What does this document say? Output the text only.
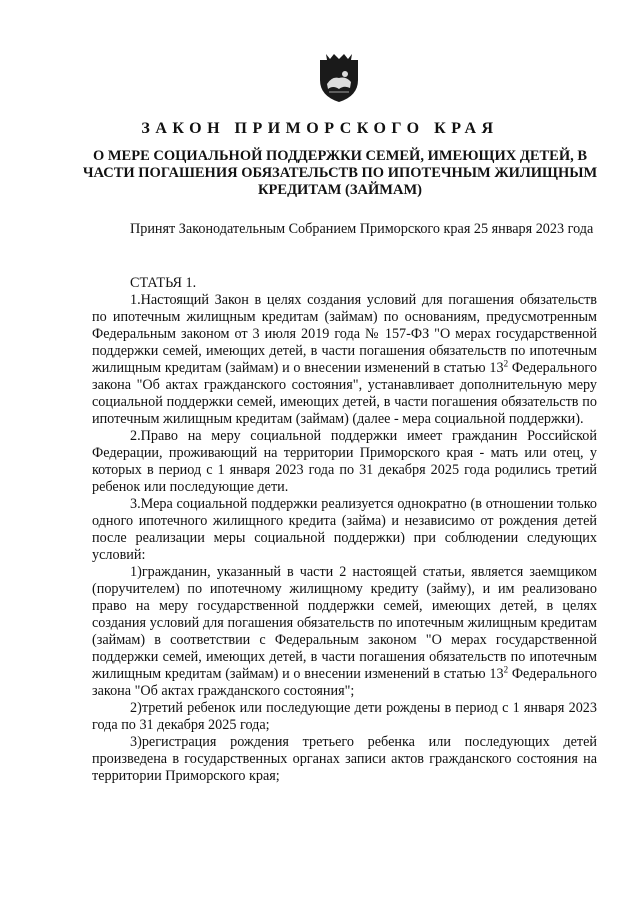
ЗАКОН ПРИМОРСКОГО КРАЯ
О МЕРЕ СОЦИАЛЬНОЙ ПОДДЕРЖКИ СЕМЕЙ, ИМЕЮЩИХ ДЕТЕЙ, В ЧАСТИ ПОГАШЕНИЯ ОБЯЗАТЕЛЬСТВ ПО ИПОТЕЧНЫМ ЖИЛИЩНЫМ КРЕДИТАМ (ЗАЙМАМ)

Принят Законодательным Собранием Приморского края 25 января 2023 года

СТАТЬЯ 1.

1.Настоящий Закон в целях создания условий для погашения обязательств по ипотечным жилищным кредитам (займам) по основаниям, предусмотренным Федеральным законом от 3 июля 2019 года № 157-ФЗ "О мерах государственной поддержки семей, имеющих детей, в части погашения обязательств по ипотечным жилищным кредитам (займам) и о внесении изменений в статью $13^2$ Федерального закона "Об актах гражданского состояния", устанавливает дополнительную меру социальной поддержки семей, имеющих детей, в части погашения обязательств по ипотечным жилищным кредитам (займам) (далее - мера социальной поддержки).

2.Право на меру социальной поддержки имеет гражданин Российской Федерации, проживающий на территории Приморского края - мать или отец, у которых в период с 1 января 2023 года по 31 декабря 2025 года родились третий ребенок или последующие дети.

3.Мера социальной поддержки реализуется однократно (в отношении только одного ипотечного жилищного кредита (займа) и независимо от рождения детей после реализации меры социальной поддержки) при соблюдении следующих условий:

1)гражданин, указанный в части 2 настоящей статьи, является заемщиком (поручителем) по ипотечному жилищному кредиту (займу), и им реализовано право на меру государственной поддержки семей, имеющих детей, в целях создания условий для погашения обязательств по ипотечным жилищным кредитам (займам) в соответствии с Федеральным законом "О мерах государственной поддержки семей, имеющих детей, в части погашения обязательств по ипотечным жилищным кредитам (займам) и о внесении изменений в статью $13^2$ Федерального закона "Об актах гражданского состояния";

2)третий ребенок или последующие дети рождены в период с 1 января 2023 года по 31 декабря 2025 года;

3)регистрация рождения третьего ребенка или последующих детей произведена в государственных органах записи актов гражданского состояния на территории Приморского края;
